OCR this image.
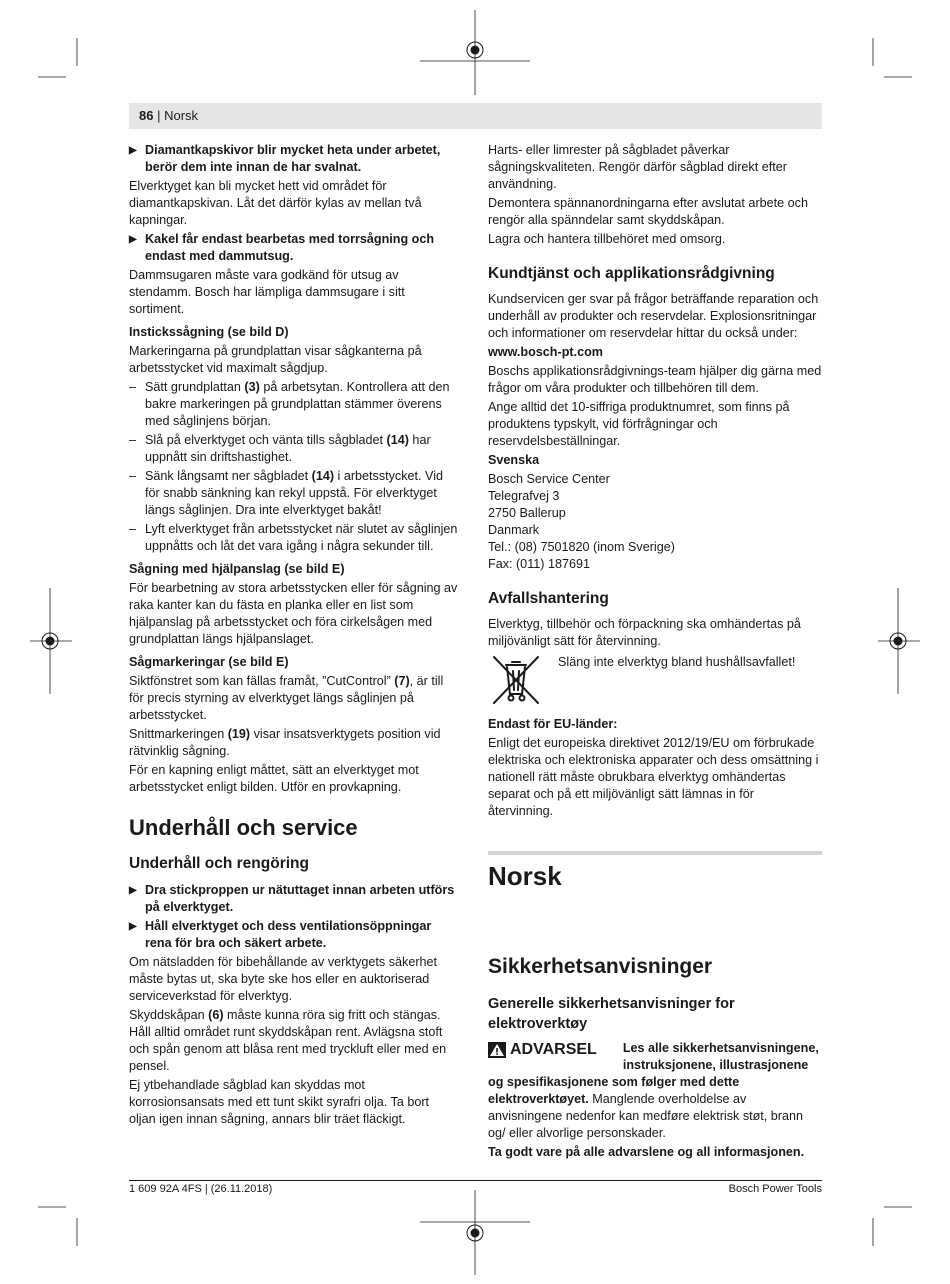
86 | Norsk
▶ Diamantkapskivor blir mycket heta under arbetet, berör dem inte innan de har svalnat.

Elverktyget kan bli mycket hett vid området för diamantkapskivan. Låt det därför kylas av mellan två kapningar.

▶ Kakel får endast bearbetas med torrsågning och endast med dammutsug.

Dammsugaren måste vara godkänd för utsug av stendamm. Bosch har lämpliga dammsugare i sitt sortiment.

Instickssågning (se bild D)

Markeringarna på grundplattan visar sågkanterna på arbetsstycket vid maximalt sågdjup.

– Sätt grundplattan (3) på arbetsytan. Kontrollera att den bakre markeringen på grundplattan stämmer överens med såglinjens början.
– Slå på elverktyget och vänta tills sågbladet (14) har uppnått sin driftshastighet.
– Sänk långsamt ner sågbladet (14) i arbetsstycket. Vid för snabb sänkning kan rekyl uppstå. För elverktyget längs såglinjen. Dra inte elverktyget bakåt!
– Lyft elverktyget från arbetsstycket när slutet av såglinjen uppnåtts och låt det vara igång i några sekunder till.
Sågning med hjälpanslag (se bild E)

För bearbetning av stora arbetsstycken eller för sågning av raka kanter kan du fästa en planka eller en list som hjälpanslag på arbetsstycket och föra cirkelsågen med grundplattan längs hjälpanslaget.

Sågmarkeringar (se bild E)

Siktfönstret som kan fällas framåt, ”CutControl” (7), är till för precis styrning av elverktyget längs såglinjen på arbetsstycket.

Snittmarkeringen (19) visar insatsverktygets position vid rätvinklig sågning.

För en kapning enligt måttet, sätt an elverktyget mot arbetsstycket enligt bilden. Utför en provkapning.

Underhåll och service
Underhåll och rengöring
▶ Dra stickproppen ur nätuttaget innan arbeten utförs på elverktyget.
▶ Håll elverktyget och dess ventilationsöppningar rena för bra och säkert arbete.

Om nätsladden för bibehållande av verktygets säkerhet måste bytas ut, ska byte ske hos eller en auktoriserad serviceverkstad för elverktyg.

Skyddskåpan (6) måste kunna röra sig fritt och stängas. Håll alltid området runt skyddskåpan rent. Avlägsna stoft och spån genom att blåsa rent med tryckluft eller med en pensel.

Ej ytbehandlade sågblad kan skyddas mot korrosionsansats med ett tunt skikt syrafri olja. Ta bort oljan igen innan sågning, annars blir träet fläckigt.

Harts- eller limrester på sågbladet påverkar sågningskvaliteten. Rengör därför sågblad direkt efter användning.

Demontera spännanordningarna efter avslutat arbete och rengör alla spänndelar samt skyddskåpan.

Lagra och hantera tillbehöret med omsorg.

Kundtjänst och applikationsrådgivning

Kundservicen ger svar på frågor beträffande reparation och underhåll av produkter och reservdelar. Explosionsritningar och informationer om reservdelar hittar du också under:

www.bosch-pt.com

Boschs applikationsrådgivnings-team hjälper dig gärna med frågor om våra produkter och tillbehören till dem.

Ange alltid det 10-siffriga produktnumret, som finns på produktens typskylt, vid förfrågningar och reservdelsbeställningar.

Svenska

Bosch Service Center

Telegrafvej 3

2750 Ballerup

Danmark

Tel.: (08) 7501820 (inom Sverige)

Fax: (011) 187691

Avfallshantering

Elverktyg, tillbehör och förpackning ska omhändertas på miljövänligt sätt för återvinning.

Släng inte elverktyg bland hushållsavfallet!
Endast för EU-länder:

Enligt det europeiska direktivet 2012/19/EU om förbrukade elektriska och elektroniska apparater och dess omsättning i nationell rätt måste obrukbara elverktyg omhändertas separat och på ett miljövänligt sätt lämnas in för återvinning.

Norsk
Sikkerhetsanvisninger
Generelle sikkerhetsanvisninger for elektroverktøy
ADVARSEL Les alle sikkerhetsanvisningene, instruksjonene, illustrasjonene og spesifikasjonene som følger med dette elektroverktøyet. Manglende overholdelse av anvisningene nedenfor kan medføre elektrisk støt, brann og/ eller alvorlige personskader.

Ta godt vare på alle advarslene og all informasjonen.

1 609 92A 4FS | (26.11.2018)	Bosch Power Tools
